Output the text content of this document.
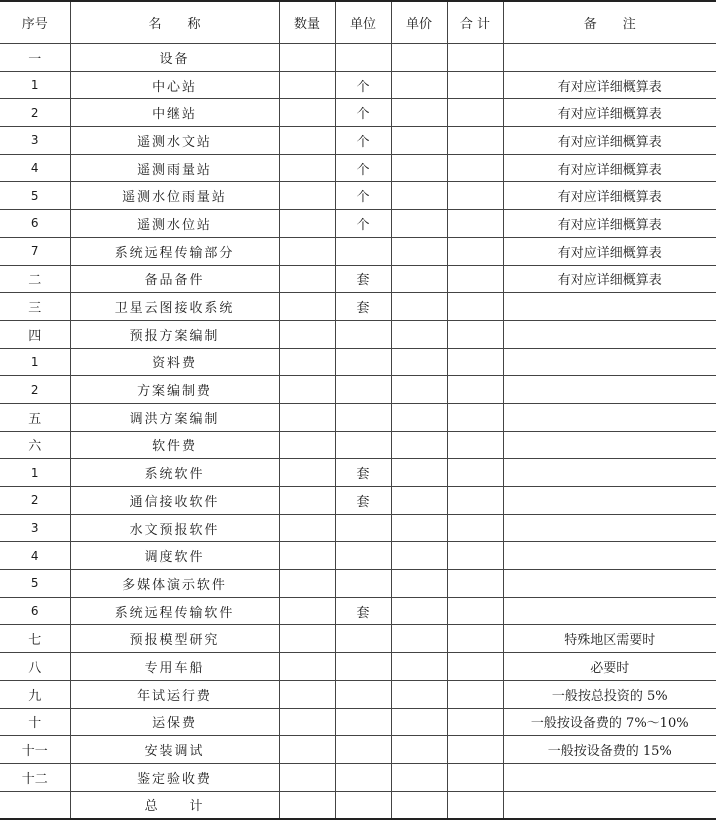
序号	名　　称	数量	单位	单价	合 计	备　　注
一	设备					
1	中心站		个			有对应详细概算表
2	中继站		个			有对应详细概算表
3	遥测水文站		个			有对应详细概算表
4	遥测雨量站		个			有对应详细概算表
5	遥测水位雨量站		个			有对应详细概算表
6	遥测水位站		个			有对应详细概算表
7	系统远程传输部分					有对应详细概算表
二	备品备件		套			有对应详细概算表
三	卫星云图接收系统		套			
四	预报方案编制					
1	资料费					
2	方案编制费					
五	调洪方案编制					
六	软件费					
1	系统软件		套			
2	通信接收软件		套			
3	水文预报软件					
4	调度软件					
5	多媒体演示软件					
6	系统远程传输软件		套			
七	预报模型研究					特殊地区需要时
八	专用车船					必要时
九	年试运行费					一般按总投资的 5%
十	运保费					一般按设备费的 7%～10%
十一	安装调试					一般按设备费的 15%
十二	鉴定验收费					
	总　　计					
